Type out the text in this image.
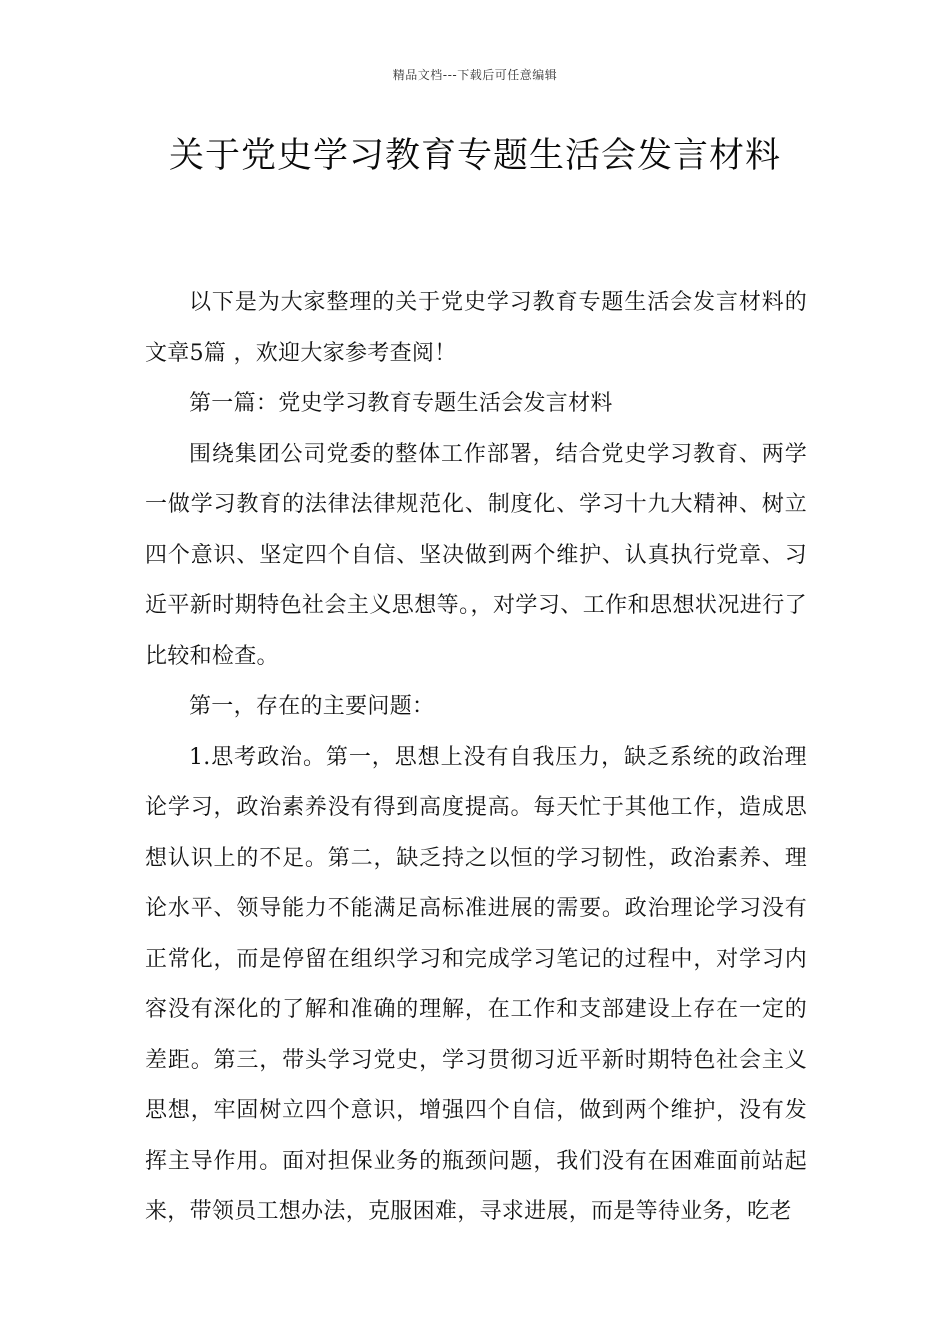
精品文档---下载后可任意编辑
关于党史学习教育专题生活会发言材料

以下是为大家整理的关于党史学习教育专题生活会发言材料的文章5篇 ，欢迎大家参考查阅！

第一篇：党史学习教育专题生活会发言材料

围绕集团公司党委的整体工作部署，结合党史学习教育、两学一做学习教育的法律法律规范化、制度化、学习十九大精神、树立四个意识、坚定四个自信、坚决做到两个维护、认真执行党章、习近平新时期特色社会主义思想等。，对学习、工作和思想状况进行了比较和检查。

第一，存在的主要问题：

1.思考政治。第一，思想上没有自我压力，缺乏系统的政治理论学习，政治素养没有得到高度提高。每天忙于其他工作，造成思想认识上的不足。第二，缺乏持之以恒的学习韧性，政治素养、理论水平、领导能力不能满足高标准进展的需要。政治理论学习没有正常化，而是停留在组织学习和完成学习笔记的过程中，对学习内容没有深化的了解和准确的理解，在工作和支部建设上存在一定的差距。第三，带头学习党史，学习贯彻习近平新时期特色社会主义思想，牢固树立四个意识，增强四个自信，做到两个维护，没有发挥主导作用。面对担保业务的瓶颈问题，我们没有在困难面前站起来，带领员工想办法，克服困难，寻求进展，而是等待业务，吃老
